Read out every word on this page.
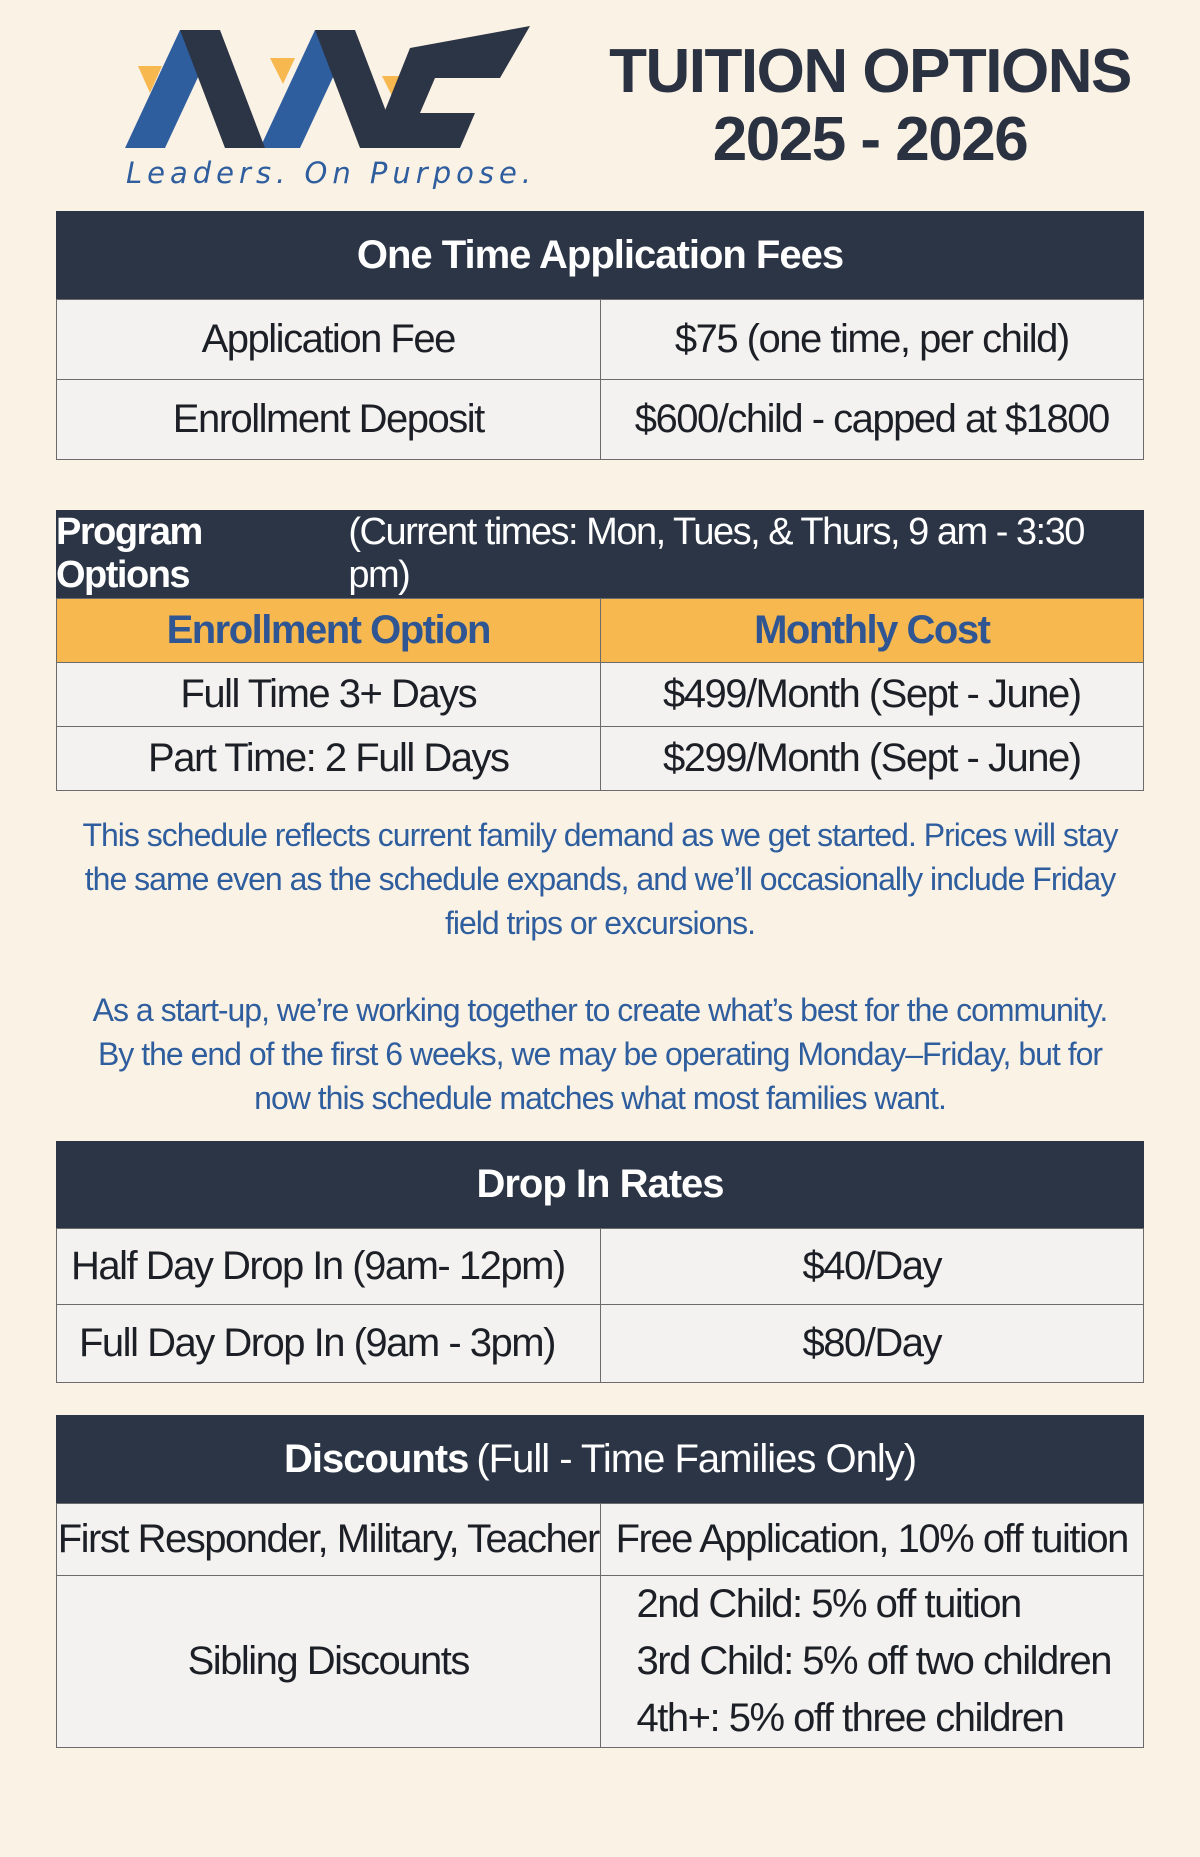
Leaders. On Purpose.
TUITION OPTIONS
2025 - 2026
One Time Application Fees
Application Fee	$75 (one time, per child)
Enrollment Deposit	$600/child - capped at $1800
Program Options
(Current times: Mon, Tues, & Thurs, 9 am - 3:30 pm)
Enrollment Option	Monthly Cost
Full Time 3+ Days	$499/Month (Sept - June)
Part Time: 2 Full Days	$299/Month (Sept - June)
This schedule reflects current family demand as we get started. Prices will stay
the same even as the schedule expands, and we’ll occasionally include Friday
field trips or excursions.
As a start-up, we’re working together to create what’s best for the community.
By the end of the first 6 weeks, we may be operating Monday–Friday, but for
now this schedule matches what most families want.
Drop In Rates
Half Day Drop In (9am- 12pm)	$40/Day
Full Day Drop In (9am - 3pm)	$80/Day
Discounts (Full - Time Families Only)
First Responder, Military, Teacher	Free Application, 10% off tuition
Sibling Discounts	2nd Child: 5% off tuition
3rd Child: 5% off two children
4th+: 5% off three children
